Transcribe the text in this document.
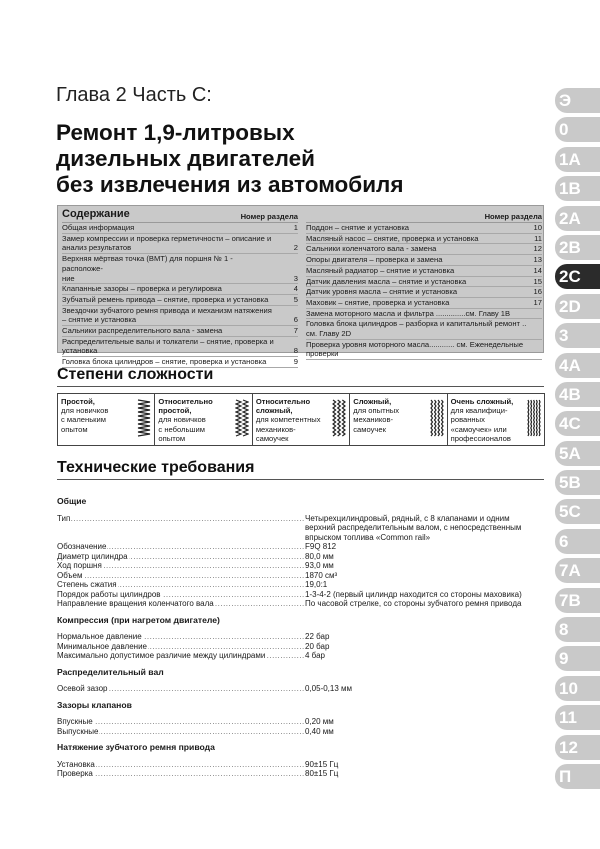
Глава 2 Часть С:
Ремонт 1,9-литровых
дизельных двигателей
без извлечения из автомобиля
Содержание	Номер раздела
Общая информация	1
Замер компрессии и проверка герметичности – описание и
анализ результатов	2
Верхняя мёртвая точка (ВМТ) для поршня № 1 - расположе-
ние	3
Клапанные зазоры – проверка и регулировка	4
Зубчатый ремень привода – снятие, проверка и установка	5
Звездочки зубчатого ремня привода и механизм натяжения
– снятие и установка	6
Сальники распределительного вала - замена	7
Распределительные валы и толкатели – снятие, проверка и
установка	8
Головка блока цилиндров – снятие, проверка и установка	9
Номер раздела
Поддон – снятие и установка	10
Масляный насос – снятие, проверка и установка	11
Сальники коленчатого вала - замена	12
Опоры двигателя – проверка и замена	13
Масляный радиатор – снятие и установка	14
Датчик давления масла – снятие и установка	15
Датчик уровня масла – снятие и установка	16
Маховик – снятие, проверка и установка	17
Замена моторного масла и фильтра ..............см. Главу 1В
Головка блока цилиндров – разборка и капитальный ремонт ..
см. Главу 2D
Проверка уровня моторного масла............ см. Еженедельные
проверки
Степени сложности
Простой,
для новичков
с маленьким
опытом
Относительно
простой,
для новичков
с небольшим
опытом
Относительно
сложный,
для компетентных
механиков-
самоучек
Сложный,
для опытных
механиков-
самоучек
Очень сложный,
для квалифици-
рованных
«самоучек» или
профессионалов
Технические требования
Общие
Тип .....	Четырехцилиндровый, рядный, с 8 клапанами и одним
верхний распределительным валом, с непосредственным
впрыском топлива «Common rail»
Обозначение .....	F9Q 812
Диаметр цилиндра .....	80,0 мм
Ход поршня .....	93,0 мм
Объем .....	1870 см³
Степень сжатия .....	19,0:1
Порядок работы цилиндров .....	1-3-4-2 (первый цилиндр находится со стороны маховика)
Направление вращения коленчатого вала .....	По часовой стрелке, со стороны зубчатого ремня привода
Компрессия (при нагретом двигателе)
Нормальное давление .....	22 бар
Минимальное давление .....	20 бар
Максимально допустимое различие между цилиндрами .....	4 бар
Распределительный вал
Осевой зазор .....	0,05-0,13 мм
Зазоры клапанов
Впускные .....	0,20 мм
Выпускные .....	0,40 мм
Натяжение зубчатого ремня привода
Установка .....	90±15 Гц
Проверка .....	80±15 Гц
Э
0
1A
1B
2A
2B
2C
2D
3
4A
4B
4C
5A
5B
5C
6
7A
7B
8
9
10
11
12
П
